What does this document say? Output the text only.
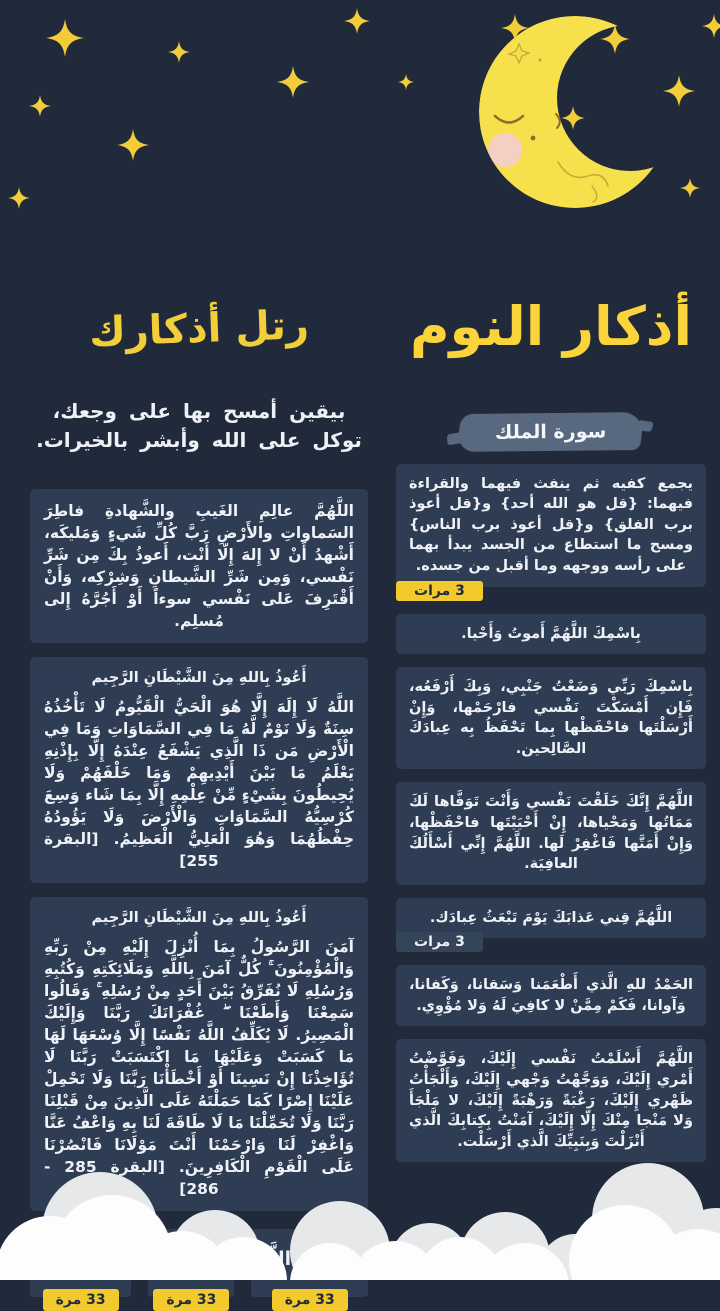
أذكار النوم
سورة الملك
يجمع كفيه ثم ينفث فيهما والقراءة فيهما: {قل هو الله أحد} و{قل أعوذ برب الفلق} و{قل أعوذ برب الناس} ومسح ما استطاع من الجسد يبدأ بهما على رأسه ووجهه وما أقبل من جسده.
3 مرات
بِاسْمِكَ اللَّهُمَّ أَموتُ وَأَحْيا.
بِاسْمِكَ رَبِّي وَضَعْتُ جَنْبِي، وَبِكَ أَرْفَعُه، فَإِن أَمْسَكْتَ نَفْسي فارْحَمْها، وَإِنْ أَرْسَلْتَها فاحْفَظْها بِما تَحْفَظُ بِه عِبادَكَ الصَّالِحين.
اللَّهُمَّ إِنَّكَ خَلَقْتَ نَفْسي وَأَنْتَ تَوَفَّاها لَكَ مَمَاتُها وَمَحْياها، إِنْ أَحْيَيْتَها فاحْفَظْها، وَإِنْ أَمَتَّها فَاغْفِرْ لَها. اللَّهُمَّ إِنِّي أَسْأَلُكَ العافِيَة.
اللَّهُمَّ قِني عَذابَكَ يَوْمَ تَبْعَثُ عِبادَك.
3 مرات
الحَمْدُ للهِ الَّذي أَطْعَمَنا وَسَقانا، وَكَفانا، وَآوانا، فَكَمْ مِمَّنْ لا كافِيَ لَهُ وَلا مُؤْوِي.
اللَّهُمَّ أَسْلَمْتُ نَفْسي إِلَيْكَ، وَفَوَّضْتُ أَمْري إِلَيْكَ، وَوَجَّهْتُ وَجْهي إِلَيْكَ، وَأَلْجَأْتُ ظَهْري إِلَيْكَ، رَغْبَةً وَرَهْبَةً إِلَيْكَ، لا مَلْجَأَ وَلا مَنْجا مِنْكَ إِلّا إِلَيْكَ، آمَنْتُ بِكِتابِكَ الَّذي أَنْزَلْتَ وَبِنَبِيِّكَ الَّذي أَرْسَلْت.
رتل أذكارك

بيقين أمسح بها على وجعك،
توكل على الله وأبشر بالخيرات.

اللَّهُمَّ عالِمِ الغَيبِ والشَّهادةِ فاطِرَ السَماواتِ والأَرْضِ رَبَّ كُلِّ شَيءٍ وَمَليكَه، أَشْهدُ أَنْ لا إِلهَ إِلّا أَنْت، أَعوذُ بِكَ مِن شَرِّ نَفْسي، وَمِن شَرِّ الشَّيطانِ وَشِرْكِه، وَأَنْ أَقْتَرِفَ عَلى نَفْسي سوءاً أَوْ أَجُرَّهُ إِلى مُسلِم.
أَعُوذُ بِاللهِ مِنَ الشَّيْطَانِ الرَّجِيم
اللَّهُ لَا إِلَهَ إِلَّا هُوَ الْحَيُّ الْقَيُّومُ لَا تَأْخُذُهُ سِنَةٌ وَلَا نَوْمٌ لَّهُ مَا فِي السَّمَاوَاتِ وَمَا فِي الْأَرْضِ مَن ذَا الَّذِي يَشْفَعُ عِنْدَهُ إِلَّا بِإِذْنِهِ يَعْلَمُ مَا بَيْنَ أَيْدِيهِمْ وَمَا خَلْفَهُمْ وَلَا يُحِيطُونَ بِشَيْءٍ مِّنْ عِلْمِهِ إِلَّا بِمَا شَاء وَسِعَ كُرْسِيُّهُ السَّمَاوَاتِ وَالْأَرْضَ وَلَا يَؤُودُهُ حِفْظُهُمَا وَهُوَ الْعَلِيُّ الْعَظِيمُ. [البقرة 255]
أَعُوذُ بِاللهِ مِنَ الشَّيْطَانِ الرَّجِيم
آمَنَ الرَّسُولُ بِمَا أُنْزِلَ إِلَيْهِ مِنْ رَبِّهِ وَالْمُؤْمِنُونَ ۚ كُلٌّ آمَنَ بِاللَّهِ وَمَلَائِكَتِهِ وَكُتُبِهِ وَرُسُلِهِ لَا نُفَرِّقُ بَيْنَ أَحَدٍ مِنْ رُسُلِهِ ۚ وَقَالُوا سَمِعْنَا وَأَطَعْنَا ۖ غُفْرَانَكَ رَبَّنَا وَإِلَيْكَ الْمَصِيرُ. لَا يُكَلِّفُ اللَّهُ نَفْسًا إِلَّا وُسْعَهَا لَهَا مَا كَسَبَتْ وَعَلَيْهَا مَا اكْتَسَبَتْ رَبَّنَا لَا تُؤَاخِذْنَا إِنْ نَسِينَا أَوْ أَخْطَأْنَا رَبَّنَا وَلَا تَحْمِلْ عَلَيْنَا إِصْرًا كَمَا حَمَلْتَهُ عَلَى الَّذِينَ مِنْ قَبْلِنَا رَبَّنَا وَلَا تُحَمِّلْنَا مَا لَا طَاقَةَ لَنَا بِهِ وَاعْفُ عَنَّا وَاغْفِرْ لَنَا وَارْحَمْنَا أَنْتَ مَوْلَانَا فَانْصُرْنَا عَلَى الْقَوْمِ الْكَافِرِينَ. [البقرة 285 - 286]
33 مرة
33 مرة
33 مرة
